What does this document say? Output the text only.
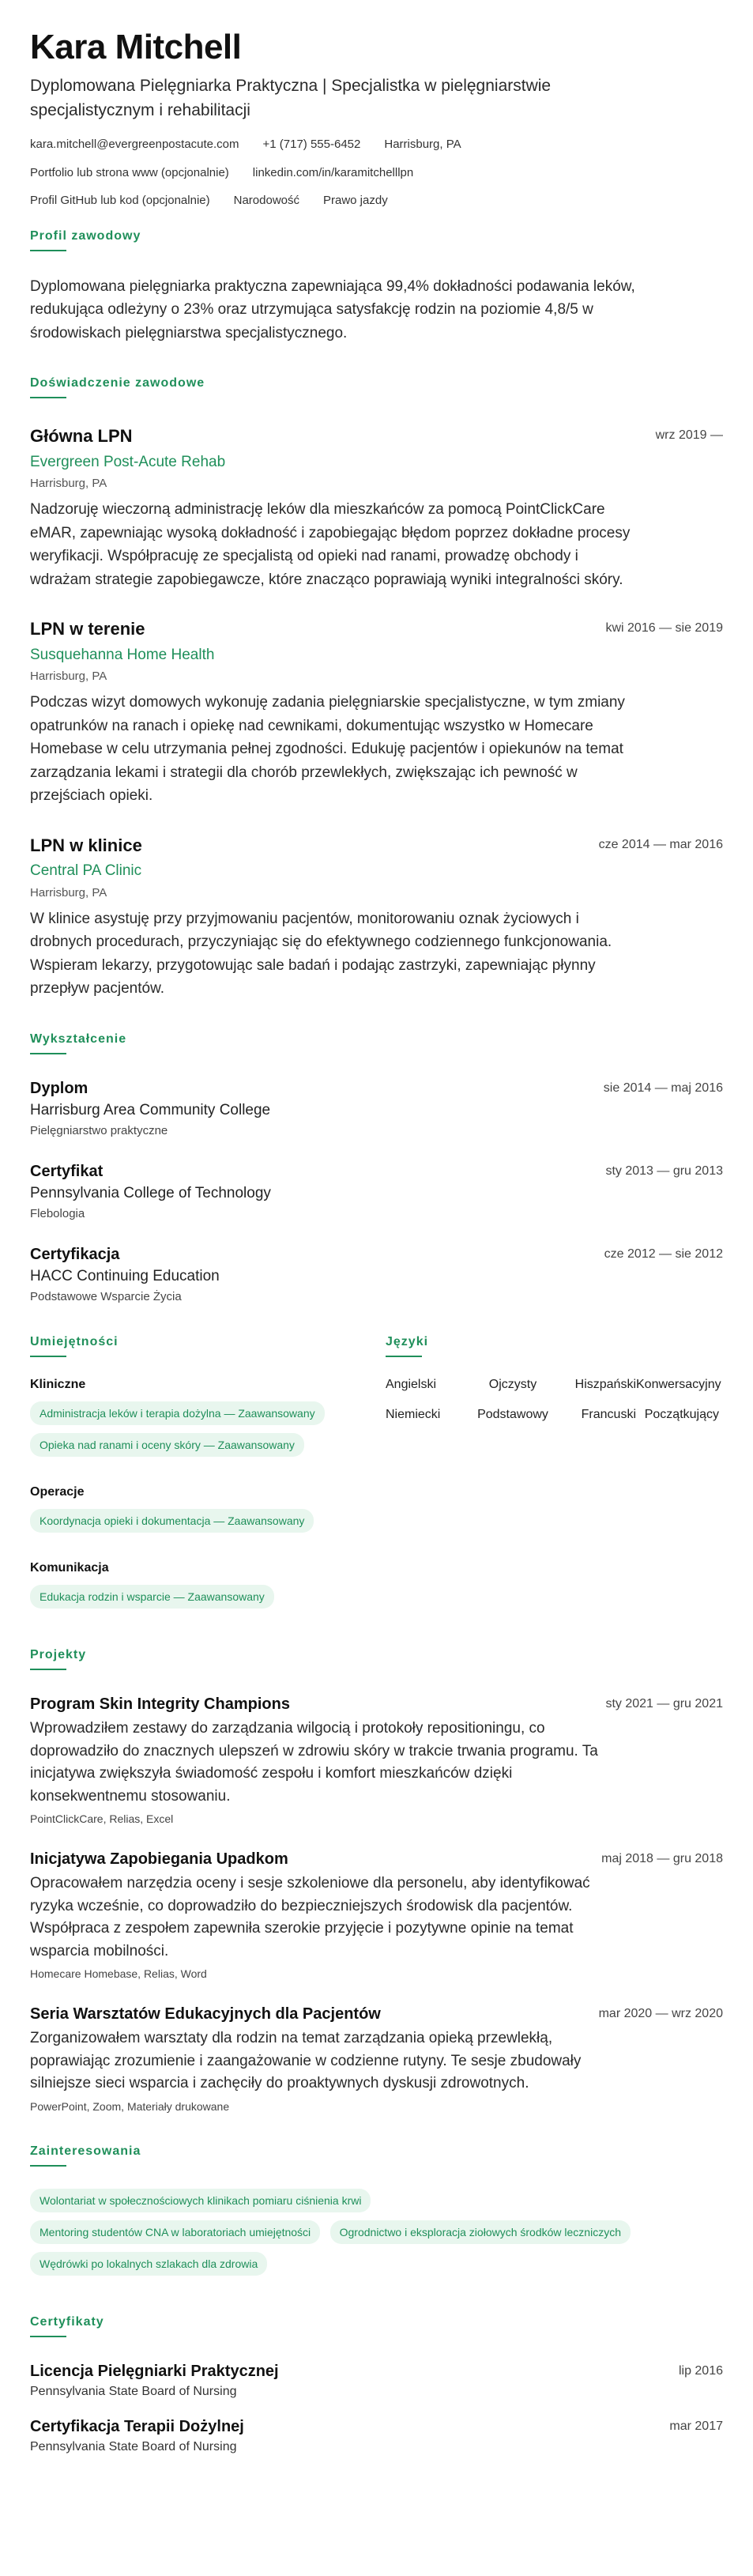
Kara Mitchell
Dyplomowana Pielęgniarka Praktyczna | Specjalistka w pielęgniarstwie specjalistycznym i rehabilitacji
kara.mitchell@evergreenpostacute.com +1 (717) 555-6452 Harrisburg, PA
Portfolio lub strona www (opcjonalnie) linkedin.com/in/karamitchelllpn
Profil GitHub lub kod (opcjonalnie) Narodowość Prawo jazdy
Profil zawodowy

Dyplomowana pielęgniarka praktyczna zapewniająca 99,4% dokładności podawania leków, redukująca odleżyny o 23% oraz utrzymująca satysfakcję rodzin na poziomie 4,8/5 w środowiskach pielęgniarstwa specjalistycznego.

Doświadczenie zawodowe
Główna LPN	wrz 2019 —
Evergreen Post-Acute Rehab
Harrisburg, PA

Nadzoruję wieczorną administrację leków dla mieszkańców za pomocą PointClickCare eMAR, zapewniając wysoką dokładność i zapobiegając błędom poprzez dokładne procesy weryfikacji. Współpracuję ze specjalistą od opieki nad ranami, prowadzę obchody i wdrażam strategie zapobiegawcze, które znacząco poprawiają wyniki integralności skóry.

LPN w terenie	kwi 2016 — sie 2019
Susquehanna Home Health
Harrisburg, PA

Podczas wizyt domowych wykonuję zadania pielęgniarskie specjalistyczne, w tym zmiany opatrunków na ranach i opiekę nad cewnikami, dokumentując wszystko w Homecare Homebase w celu utrzymania pełnej zgodności. Edukuję pacjentów i opiekunów na temat zarządzania lekami i strategii dla chorób przewlekłych, zwiększając ich pewność w przejściach opieki.

LPN w klinice	cze 2014 — mar 2016
Central PA Clinic
Harrisburg, PA

W klinice asystuję przy przyjmowaniu pacjentów, monitorowaniu oznak życiowych i drobnych procedurach, przyczyniając się do efektywnego codziennego funkcjonowania. Wspieram lekarzy, przygotowując sale badań i podając zastrzyki, zapewniając płynny przepływ pacjentów.

Wykształcenie
Dyplom	sie 2014 — maj 2016
Harrisburg Area Community College
Pielęgniarstwo praktyczne
Certyfikat	sty 2013 — gru 2013
Pennsylvania College of Technology
Flebologia
Certyfikacja	cze 2012 — sie 2012
HACC Continuing Education
Podstawowe Wsparcie Życia
Umiejętności
Kliniczne
Administracja leków i terapia dożylna — Zaawansowany Opieka nad ranami i oceny skóry — Zaawansowany
Operacje
Koordynacja opieki i dokumentacja — Zaawansowany
Komunikacja
Edukacja rodzin i wsparcie — Zaawansowany
Języki
Angielski	Ojczysty	Hiszpański Konwersacyjny
Niemiecki	Podstawowy	Francuski Początkujący
Projekty
Program Skin Integrity Champions	sty 2021 — gru 2021

Wprowadziłem zestawy do zarządzania wilgocią i protokoły repositioningu, co doprowadziło do znacznych ulepszeń w zdrowiu skóry w trakcie trwania programu. Ta inicjatywa zwiększyła świadomość zespołu i komfort mieszkańców dzięki konsekwentnemu stosowaniu.

PointClickCare, Relias, Excel
Inicjatywa Zapobiegania Upadkom	maj 2018 — gru 2018

Opracowałem narzędzia oceny i sesje szkoleniowe dla personelu, aby identyfikować ryzyka wcześnie, co doprowadziło do bezpieczniejszych środowisk dla pacjentów. Współpraca z zespołem zapewniła szerokie przyjęcie i pozytywne opinie na temat wsparcia mobilności.

Homecare Homebase, Relias, Word
Seria Warsztatów Edukacyjnych dla Pacjentów	mar 2020 — wrz 2020

Zorganizowałem warsztaty dla rodzin na temat zarządzania opieką przewlekłą, poprawiając zrozumienie i zaangażowanie w codzienne rutyny. Te sesje zbudowały silniejsze sieci wsparcia i zachęciły do proaktywnych dyskusji zdrowotnych.

PowerPoint, Zoom, Materiały drukowane
Zainteresowania
Wolontariat w społecznościowych klinikach pomiaru ciśnienia krwi
Mentoring studentów CNA w laboratoriach umiejętności	Ogrodnictwo i eksploracja ziołowych środków leczniczych
Wędrówki po lokalnych szlakach dla zdrowia
Certyfikaty
Licencja Pielęgniarki Praktycznej	lip 2016
Pennsylvania State Board of Nursing
Certyfikacja Terapii Dożylnej	mar 2017
Pennsylvania State Board of Nursing
